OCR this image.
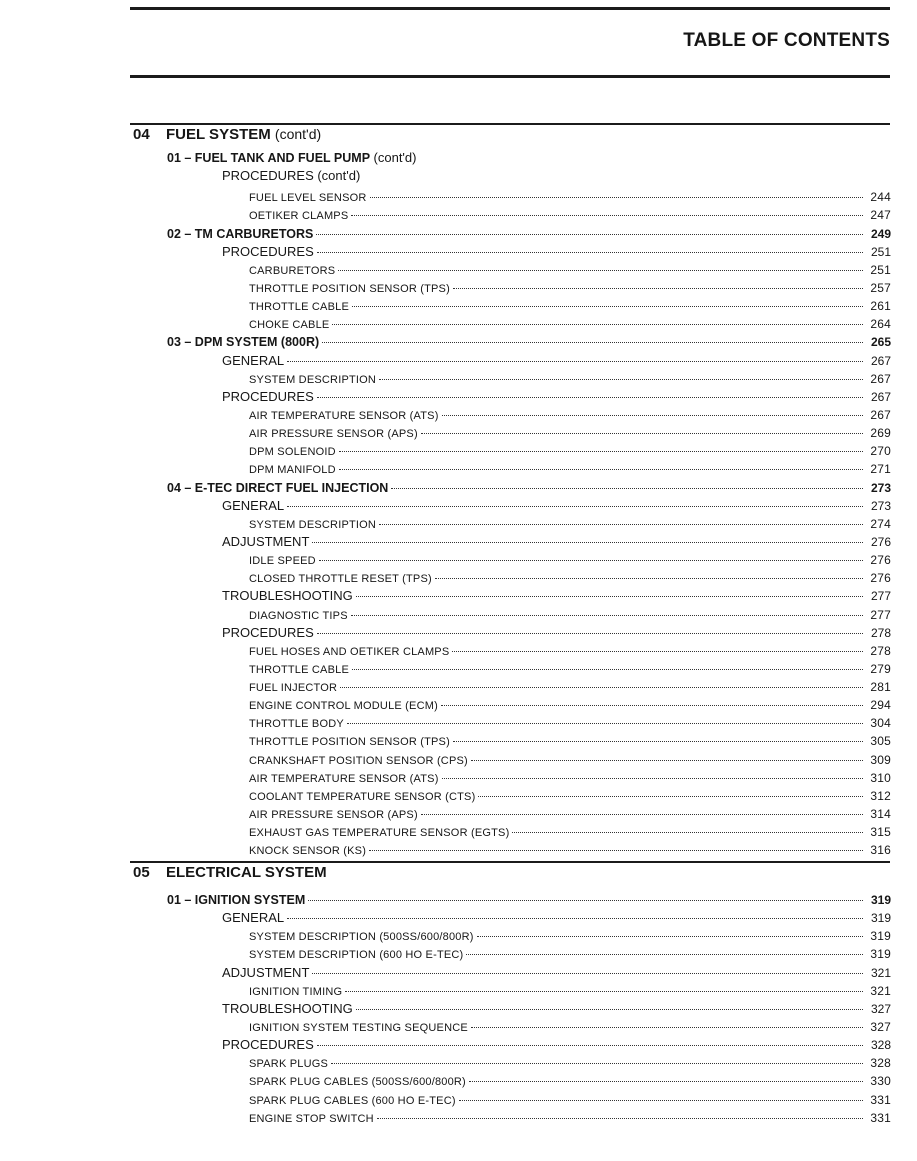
TABLE OF CONTENTS
04 FUEL SYSTEM (cont'd)
01 – FUEL TANK AND FUEL PUMP (cont'd)
PROCEDURES (cont'd)
FUEL LEVEL SENSOR	244
OETIKER CLAMPS	247
02 – TM CARBURETORS	249
PROCEDURES	251
CARBURETORS	251
THROTTLE POSITION SENSOR (TPS)	257
THROTTLE CABLE	261
CHOKE CABLE	264
03 – DPM SYSTEM (800R)	265
GENERAL	267
SYSTEM DESCRIPTION	267
PROCEDURES	267
AIR TEMPERATURE SENSOR (ATS)	267
AIR PRESSURE SENSOR (APS)	269
DPM SOLENOID	270
DPM MANIFOLD	271
04 – E-TEC DIRECT FUEL INJECTION	273
GENERAL	273
SYSTEM DESCRIPTION	274
ADJUSTMENT	276
IDLE SPEED	276
CLOSED THROTTLE RESET (TPS)	276
TROUBLESHOOTING	277
DIAGNOSTIC TIPS	277
PROCEDURES	278
FUEL HOSES AND OETIKER CLAMPS	278
THROTTLE CABLE	279
FUEL INJECTOR	281
ENGINE CONTROL MODULE (ECM)	294
THROTTLE BODY	304
THROTTLE POSITION SENSOR (TPS)	305
CRANKSHAFT POSITION SENSOR (CPS)	309
AIR TEMPERATURE SENSOR (ATS)	310
COOLANT TEMPERATURE SENSOR (CTS)	312
AIR PRESSURE SENSOR (APS)	314
EXHAUST GAS TEMPERATURE SENSOR (EGTS)	315
KNOCK SENSOR (KS)	316
05 ELECTRICAL SYSTEM
01 – IGNITION SYSTEM	319
GENERAL	319
SYSTEM DESCRIPTION (500SS/600/800R)	319
SYSTEM DESCRIPTION (600 HO E-TEC)	319
ADJUSTMENT	321
IGNITION TIMING	321
TROUBLESHOOTING	327
IGNITION SYSTEM TESTING SEQUENCE	327
PROCEDURES	328
SPARK PLUGS	328
SPARK PLUG CABLES (500SS/600/800R)	330
SPARK PLUG CABLES (600 HO E-TEC)	331
ENGINE STOP SWITCH	331
